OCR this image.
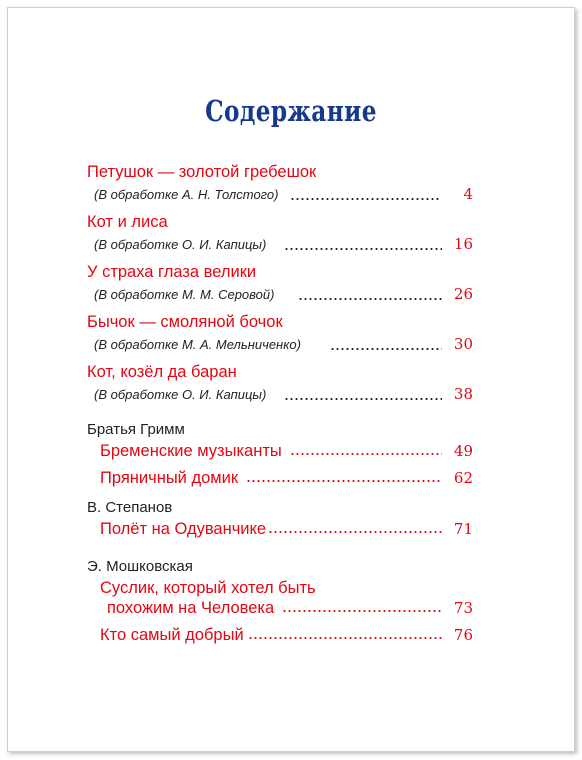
Содержание
Петушок — золотой гребешок
(В обработке А. Н. Толстого)	4
Кот и лиса
(В обработке О. И. Капицы)	16
У страха глаза велики
(В обработке М. М. Серовой)	26
Бычок — смоляной бочок
(В обработке М. А. Мельниченко)	30
Кот, козёл да баран
(В обработке О. И. Капицы)	38
Братья Гримм
Бременские музыканты	49
Пряничный домик	62
В. Степанов
Полёт на Одуванчике	71
Э. Мошковская
Суслик, который хотел быть
похожим на Человека	73
Кто самый добрый	76
